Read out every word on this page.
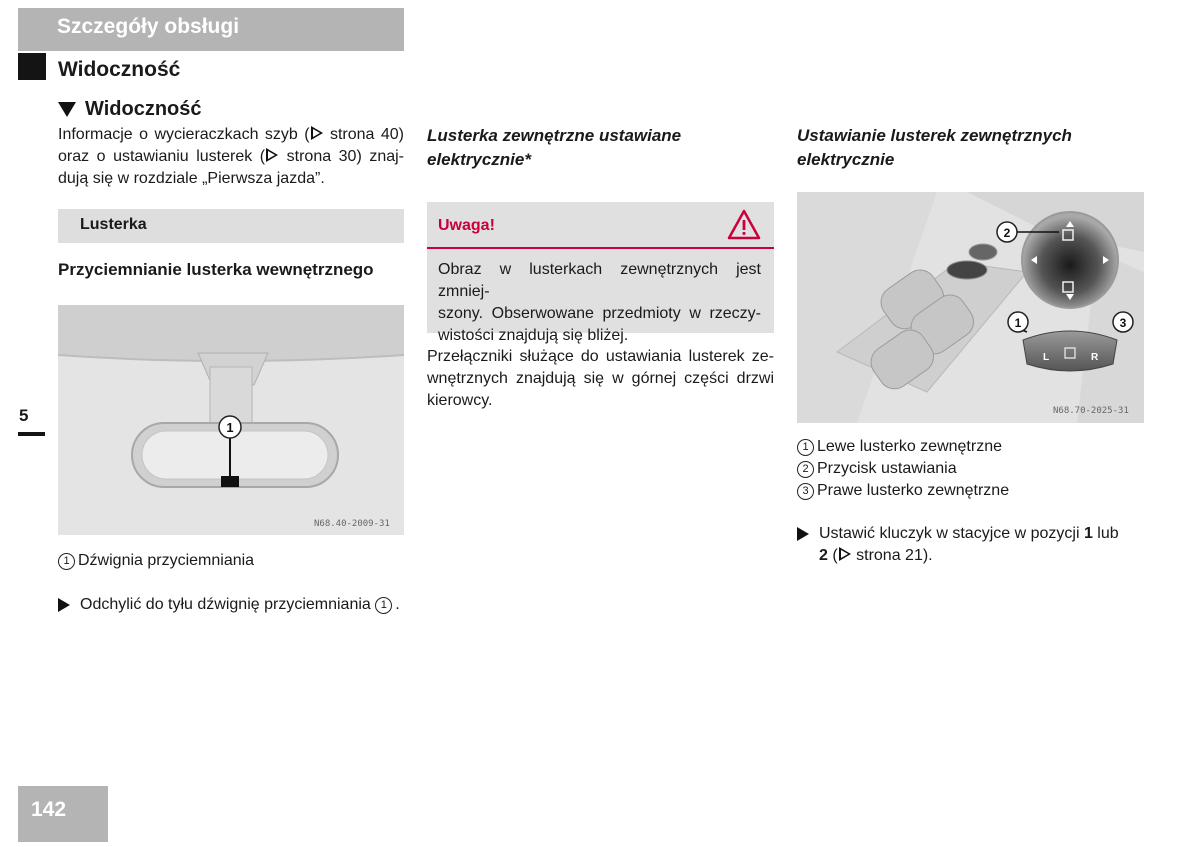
Szczegóły obsługi
Widoczność
Widoczność
Informacje o wycieraczkach szyb ( strona 40)
oraz o ustawianiu lusterek ( strona 30) znaj-
dują się w rozdziale „Pierwsza jazda”.
Lusterka
Przyciemnianie lusterka wewnętrznego
1
N68.40-2009-31
1 Dźwignia przyciemniania
Odchylić do tyłu dźwignię przyciemniania 1 .
5
142
Lusterka zewnętrzne ustawiane
elektrycznie*
Uwaga!
Obraz w lusterkach zewnętrznych jest zmniej-
szony. Obserwowane przedmioty w rzeczy-
wistości znajdują się bliżej.
Przełączniki służące do ustawiania lusterek ze-
wnętrznych znajdują się w górnej części drzwi
kierowcy.
Ustawianie lusterek zewnętrznych
elektrycznie
L	R
2
1	3
N68.70-2025-31
1 Lewe lusterko zewnętrzne
2 Przycisk ustawiania
3 Prawe lusterko zewnętrzne
Ustawić kluczyk w stacyjce w pozycji 1 lub
2 ( strona 21).
